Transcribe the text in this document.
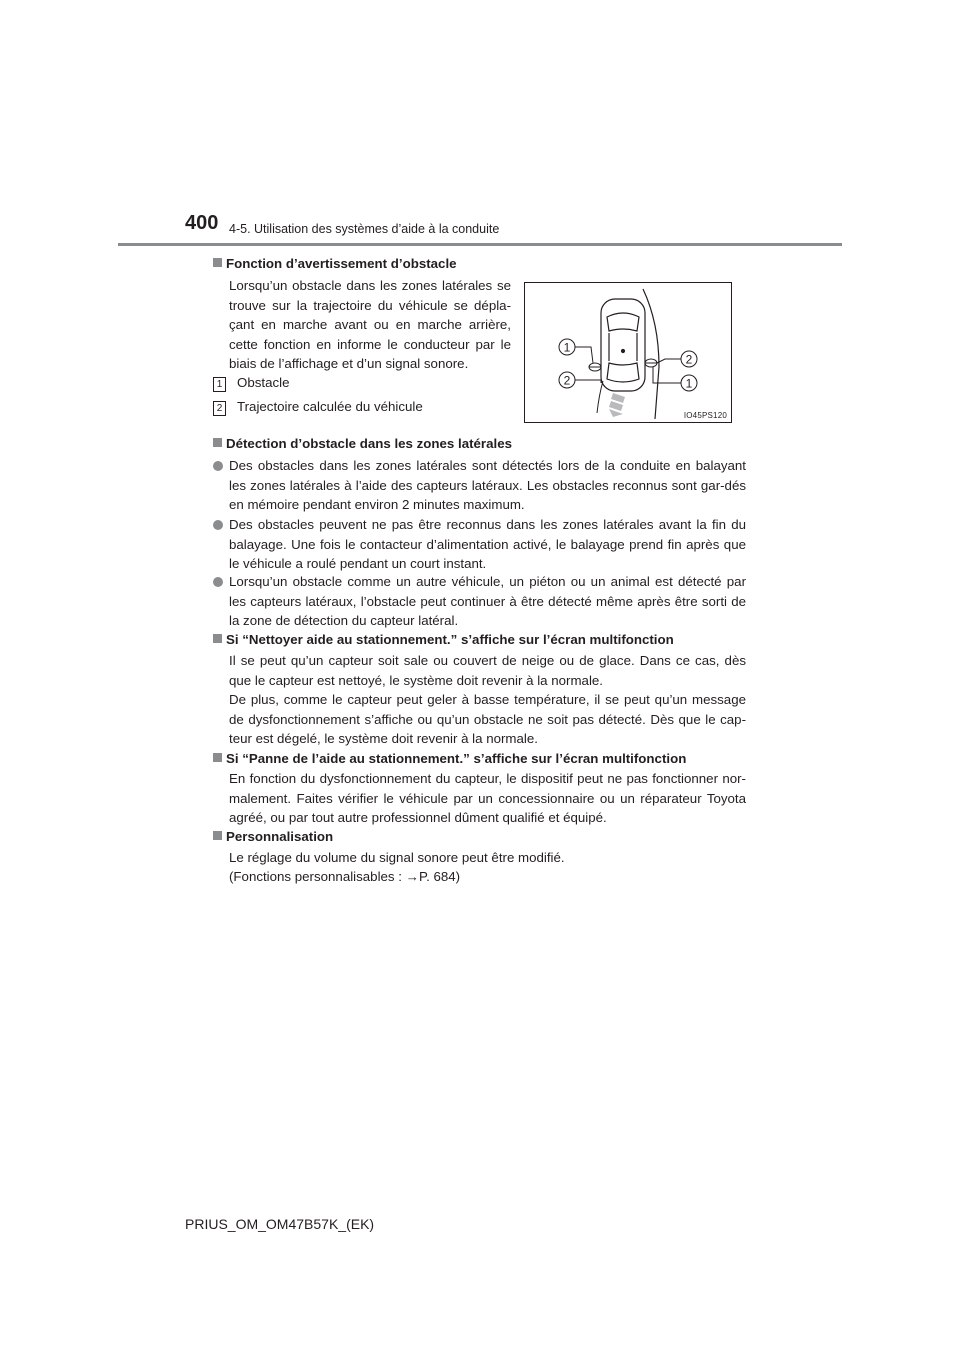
400 4-5. Utilisation des systèmes d’aide à la conduite
Fonction d’avertissement d’obstacle

Lorsqu’un obstacle dans les zones latérales se trouve sur la trajectoire du véhicule se dépla-çant en marche avant ou en marche arrière, cette fonction en informe le conducteur par le biais de l’affichage et d’un signal sonore.

1 Obstacle
2 Trajectoire calculée du véhicule
1
2
2	1
IO45PS120
Détection d’obstacle dans les zones latérales
Des obstacles dans les zones latérales sont détectés lors de la conduite en balayant les zones latérales à l’aide des capteurs latéraux. Les obstacles reconnus sont gar-dés en mémoire pendant environ 2 minutes maximum.
Des obstacles peuvent ne pas être reconnus dans les zones latérales avant la fin du balayage. Une fois le contacteur d’alimentation activé, le balayage prend fin après que le véhicule a roulé pendant un court instant.
Lorsqu’un obstacle comme un autre véhicule, un piéton ou un animal est détecté par les capteurs latéraux, l’obstacle peut continuer à être détecté même après être sorti de la zone de détection du capteur latéral.
Si “Nettoyer aide au stationnement.” s’affiche sur l’écran multifonction

Il se peut qu’un capteur soit sale ou couvert de neige ou de glace. Dans ce cas, dès que le capteur est nettoyé, le système doit revenir à la normale.

De plus, comme le capteur peut geler à basse température, il se peut qu’un message de dysfonctionnement s’affiche ou qu’un obstacle ne soit pas détecté. Dès que le cap-teur est dégelé, le système doit revenir à la normale.

Si “Panne de l’aide au stationnement.” s’affiche sur l’écran multifonction

En fonction du dysfonctionnement du capteur, le dispositif peut ne pas fonctionner nor-malement. Faites vérifier le véhicule par un concessionnaire ou un réparateur Toyota agréé, ou par tout autre professionnel dûment qualifié et équipé.

Personnalisation

Le réglage du volume du signal sonore peut être modifié.

(Fonctions personnalisables : →P. 684)

PRIUS_OM_OM47B57K_(EK)
